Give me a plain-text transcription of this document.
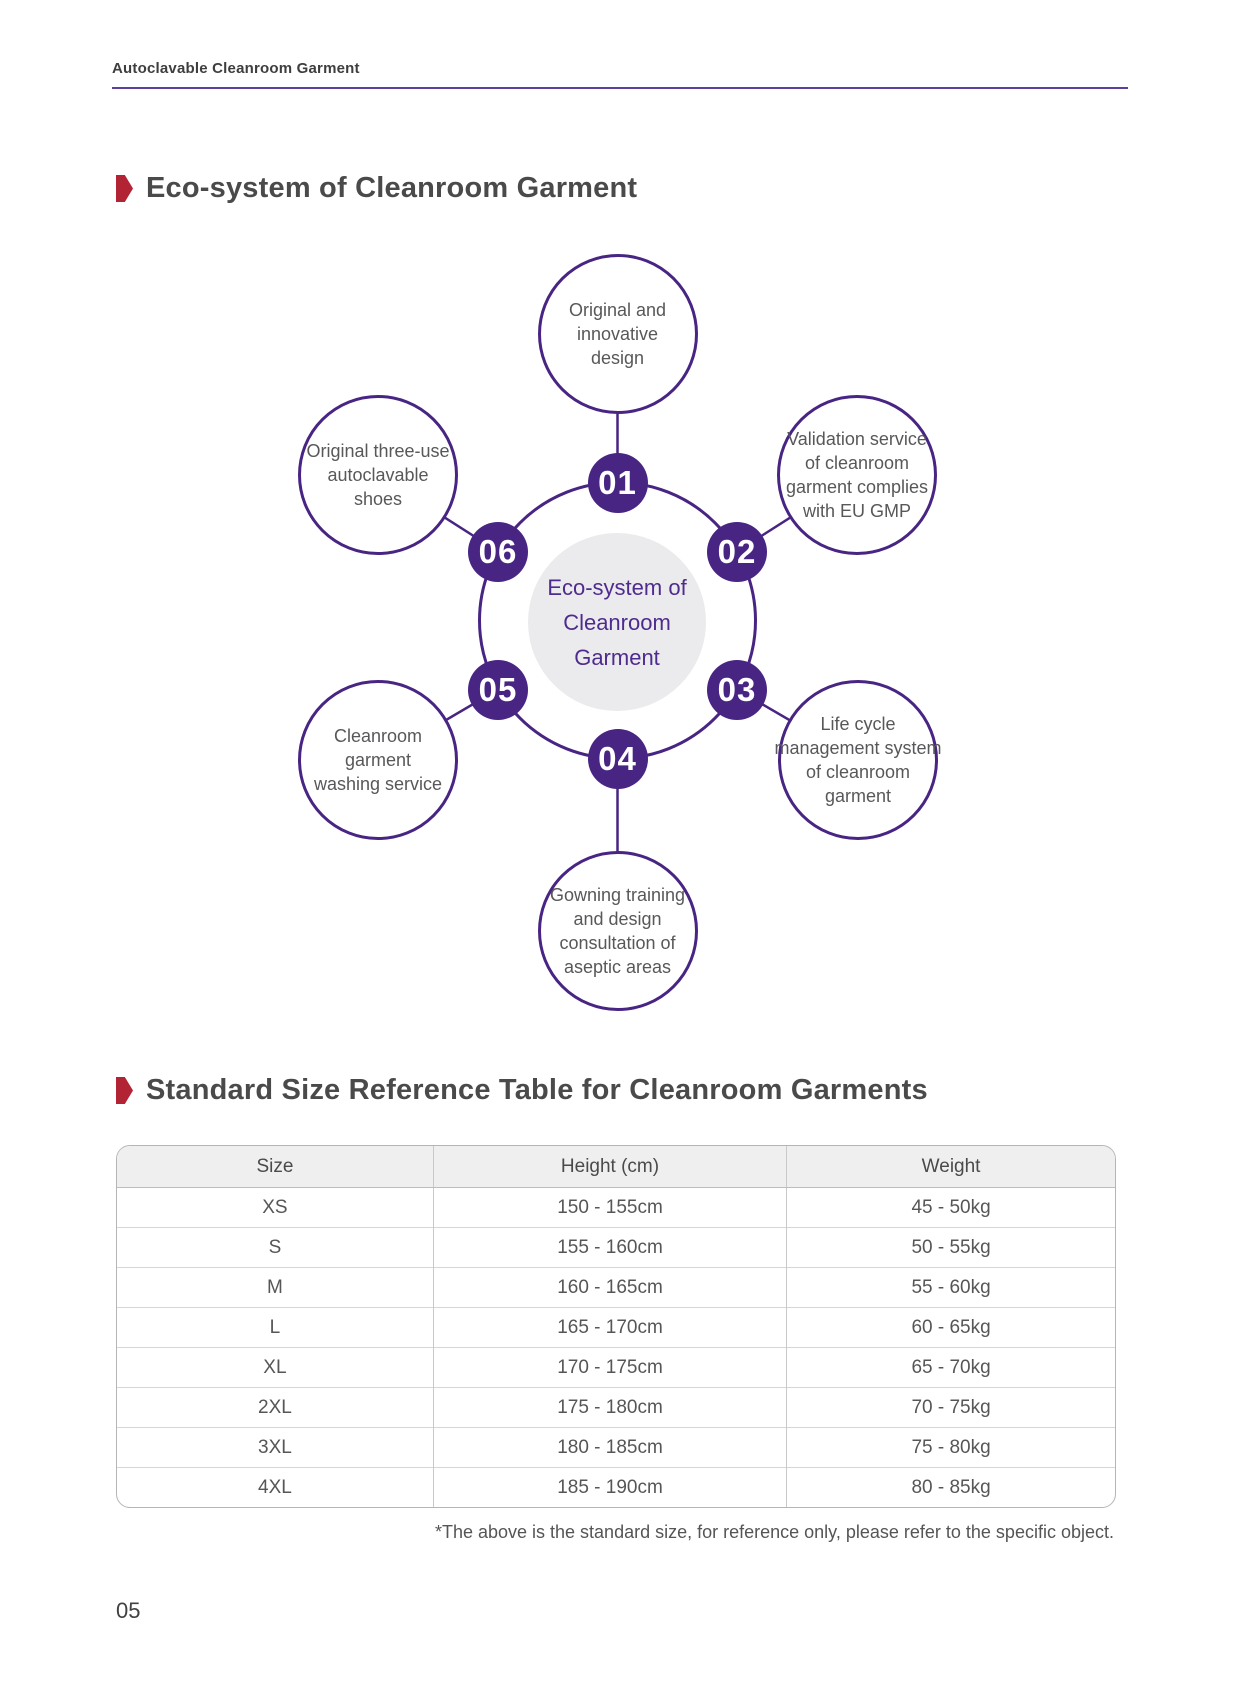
Autoclavable Cleanroom Garment
Eco-system of Cleanroom Garment
Eco-system of
Cleanroom
Garment
Original and
innovative
design
01
Validation service
of cleanroom
garment complies
with EU GMP
02
Life cycle
management system
of cleanroom
garment
03
Gowning training
and design
consultation of
aseptic areas
04
Cleanroom
garment
washing service
05
Original three-use
autoclavable
shoes
06
Standard Size Reference Table for Cleanroom Garments
Size	Height (cm)	Weight
XS	150 - 155cm	45 - 50kg
S	155 - 160cm	50 - 55kg
M	160 - 165cm	55 - 60kg
L	165 - 170cm	60 - 65kg
XL	170 - 175cm	65 - 70kg
2XL	175 - 180cm	70 - 75kg
3XL	180 - 185cm	75 - 80kg
4XL	185 - 190cm	80 - 85kg
*The above is the standard size, for reference only, please refer to the specific object.
05
